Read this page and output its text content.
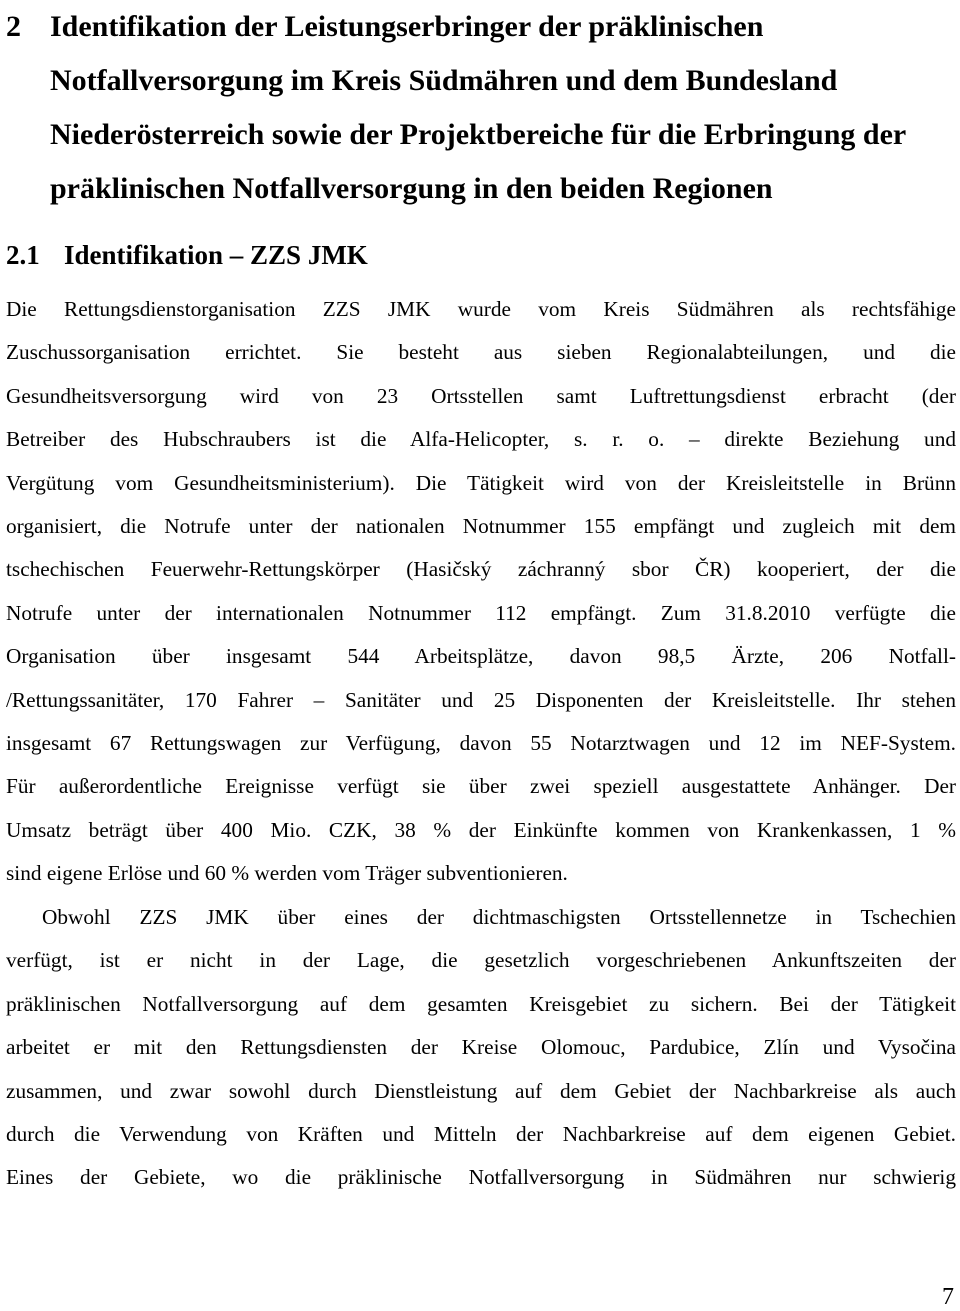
2 Identifikation der Leistungserbringer der präklinischen
Notfallversorgung im Kreis Südmähren und dem Bundesland
Niederösterreich sowie der Projektbereiche für die Erbringung der
präklinischen Notfallversorgung in den beiden Regionen
2.1 Identifikation – ZZS JMK

Die Rettungsdienstorganisation ZZS JMK wurde vom Kreis Südmähren als rechtsfähige
Zuschussorganisation errichtet. Sie besteht aus sieben Regionalabteilungen, und die
Gesundheitsversorgung wird von 23 Ortsstellen samt Luftrettungsdienst erbracht (der
Betreiber des Hubschraubers ist die Alfa-Helicopter, s. r. o. – direkte Beziehung und
Vergütung vom Gesundheitsministerium). Die Tätigkeit wird von der Kreisleitstelle in Brünn
organisiert, die Notrufe unter der nationalen Notnummer 155 empfängt und zugleich mit dem
tschechischen Feuerwehr-Rettungskörper (Hasičský záchranný sbor ČR) kooperiert, der die
Notrufe unter der internationalen Notnummer 112 empfängt. Zum 31.8.2010 verfügte die
Organisation über insgesamt 544 Arbeitsplätze, davon 98,5 Ärzte, 206 Notfall-
/Rettungssanitäter, 170 Fahrer – Sanitäter und 25 Disponenten der Kreisleitstelle. Ihr stehen
insgesamt 67 Rettungswagen zur Verfügung, davon 55 Notarztwagen und 12 im NEF-System.
Für außerordentliche Ereignisse verfügt sie über zwei speziell ausgestattete Anhänger. Der
Umsatz beträgt über 400 Mio. CZK, 38 % der Einkünfte kommen von Krankenkassen, 1 %
sind eigene Erlöse und 60 % werden vom Träger subventionieren.

Obwohl ZZS JMK über eines der dichtmaschigsten Ortsstellennetze in Tschechien
verfügt, ist er nicht in der Lage, die gesetzlich vorgeschriebenen Ankunftszeiten der
präklinischen Notfallversorgung auf dem gesamten Kreisgebiet zu sichern. Bei der Tätigkeit
arbeitet er mit den Rettungsdiensten der Kreise Olomouc, Pardubice, Zlín und Vysočina
zusammen, und zwar sowohl durch Dienstleistung auf dem Gebiet der Nachbarkreise als auch
durch die Verwendung von Kräften und Mitteln der Nachbarkreise auf dem eigenen Gebiet.
Eines der Gebiete, wo die präklinische Notfallversorgung in Südmähren nur schwierig

7
